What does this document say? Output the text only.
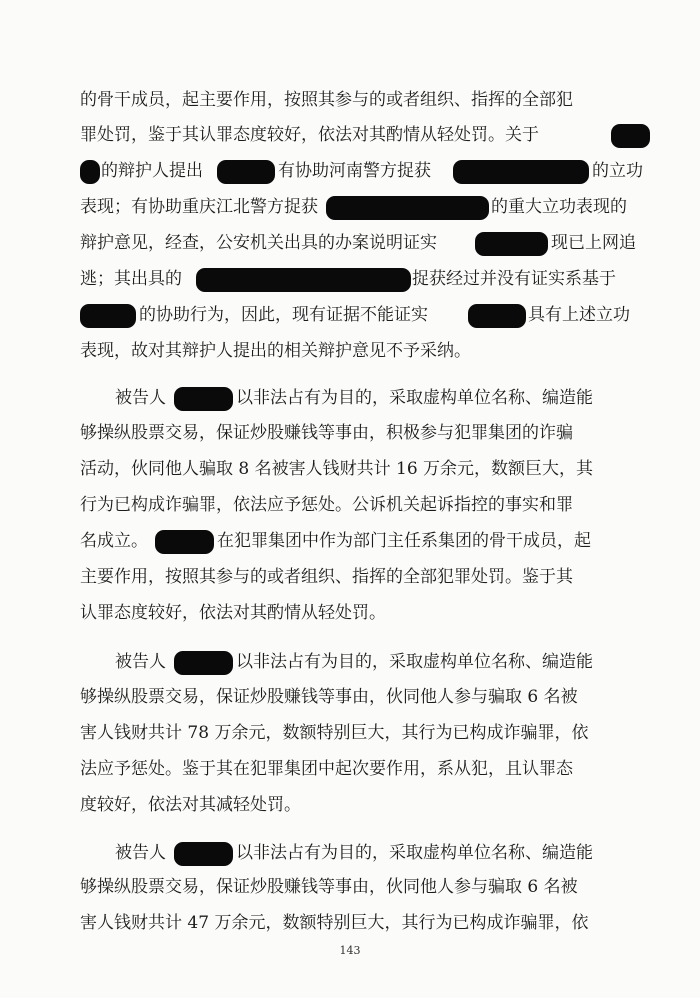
的骨干成员，起主要作用，按照其参与的或者组织、指挥的全部犯
罪处罚，鉴于其认罪态度较好，依法对其酌情从轻处罚。关于
的辩护人提出	有协助河南警方捉获	的立功
表现；有协助重庆江北警方捉获	的重大立功表现的
辩护意见，经查，公安机关出具的办案说明证实	现已上网追
逃；其出具的	捉获经过并没有证实系基于
的协助行为，因此，现有证据不能证实	具有上述立功
表现，故对其辩护人提出的相关辩护意见不予采纳。
被告人	以非法占有为目的，采取虚构单位名称、编造能
够操纵股票交易，保证炒股赚钱等事由，积极参与犯罪集团的诈骗
活动，伙同他人骗取 8 名被害人钱财共计 16 万余元，数额巨大，其
行为已构成诈骗罪，依法应予惩处。公诉机关起诉指控的事实和罪
名成立。	在犯罪集团中作为部门主任系集团的骨干成员，起
主要作用，按照其参与的或者组织、指挥的全部犯罪处罚。鉴于其
认罪态度较好，依法对其酌情从轻处罚。
被告人	以非法占有为目的，采取虚构单位名称、编造能
够操纵股票交易，保证炒股赚钱等事由，伙同他人参与骗取 6 名被
害人钱财共计 78 万余元，数额特别巨大，其行为已构成诈骗罪，依
法应予惩处。鉴于其在犯罪集团中起次要作用，系从犯，且认罪态
度较好，依法对其减轻处罚。
被告人	以非法占有为目的，采取虚构单位名称、编造能
够操纵股票交易，保证炒股赚钱等事由，伙同他人参与骗取 6 名被
害人钱财共计 47 万余元，数额特别巨大，其行为已构成诈骗罪，依
143
